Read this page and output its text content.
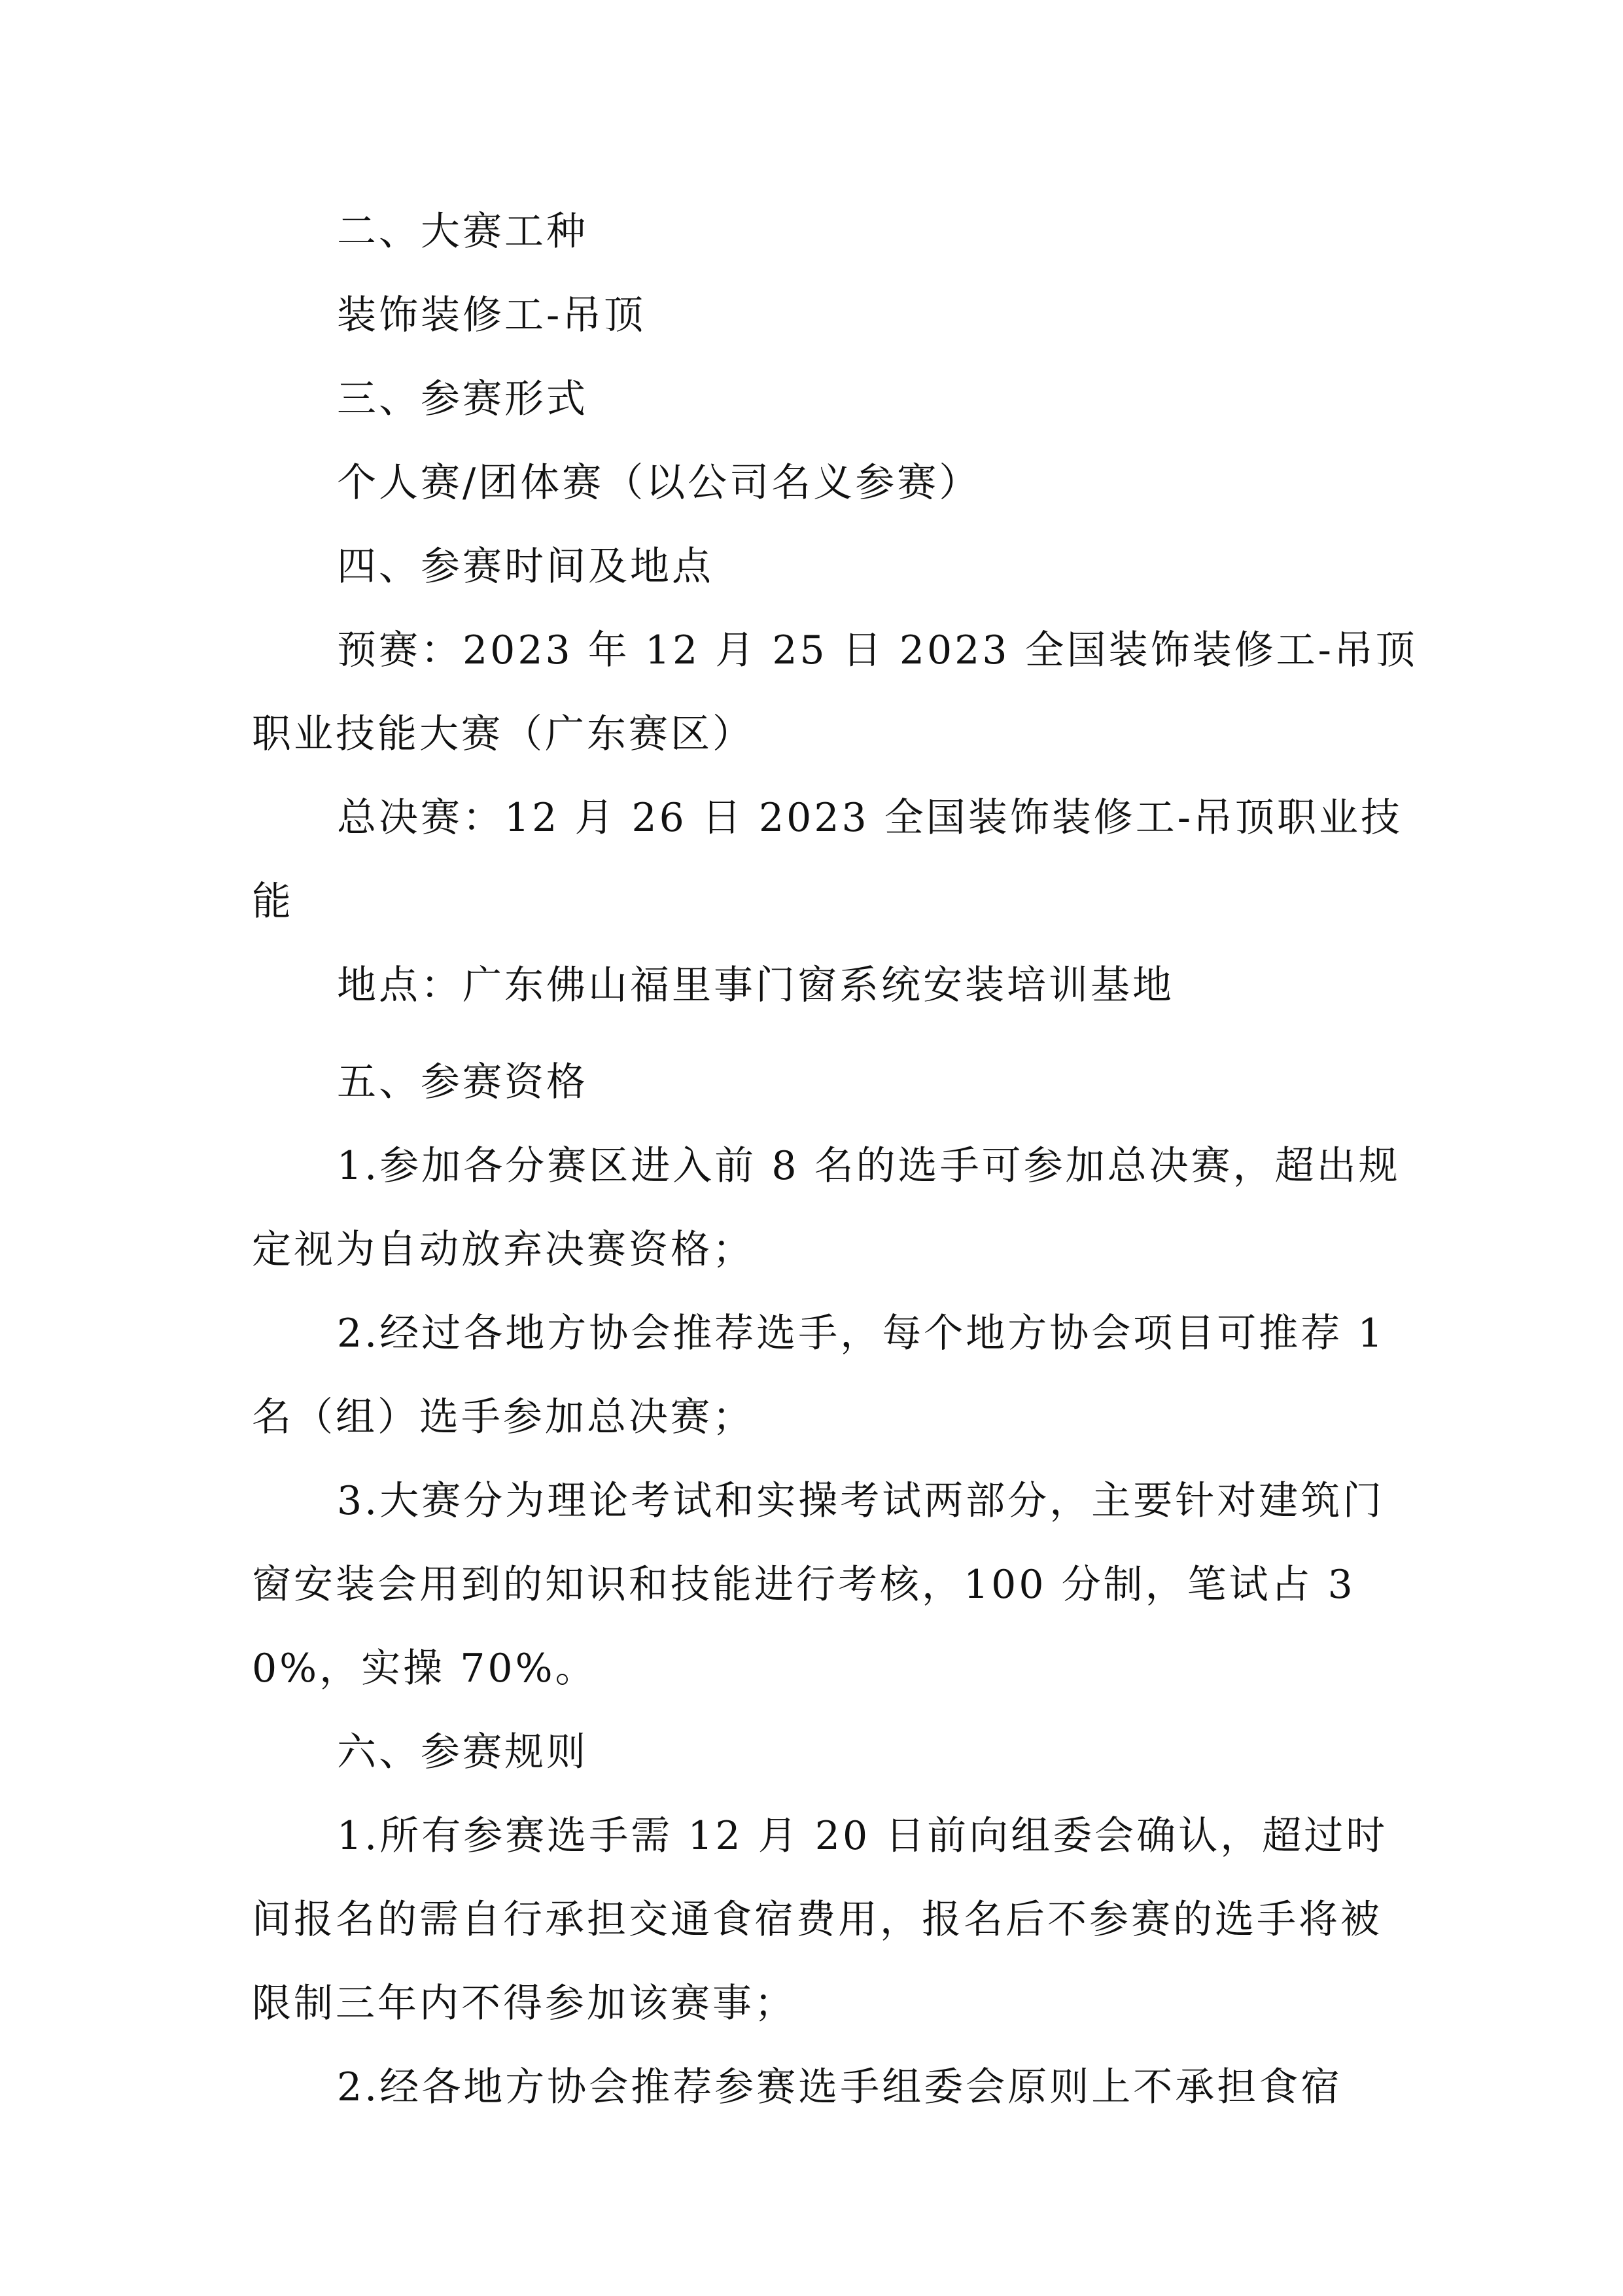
二、大赛工种

装饰装修工-吊顶

三、参赛形式

个人赛/团体赛（以公司名义参赛）

四、参赛时间及地点

预赛：2023 年 12 月 25 日 2023 全国装饰装修工-吊顶职业技能大赛（广东赛区）

总决赛：12 月 26 日 2023 全国装饰装修工-吊顶职业技能

地点：广东佛山福里事门窗系统安装培训基地

五、参赛资格

1.参加各分赛区进入前 8 名的选手可参加总决赛，超出规定视为自动放弃决赛资格；

2.经过各地方协会推荐选手，每个地方协会项目可推荐 1 名（组）选手参加总决赛；

3.大赛分为理论考试和实操考试两部分，主要针对建筑门窗安装会用到的知识和技能进行考核，100 分制，笔试占 30%，实操 70%。

六、参赛规则

1.所有参赛选手需 12 月 20 日前向组委会确认，超过时间报名的需自行承担交通食宿费用，报名后不参赛的选手将被限制三年内不得参加该赛事；

2.经各地方协会推荐参赛选手组委会原则上不承担食宿
